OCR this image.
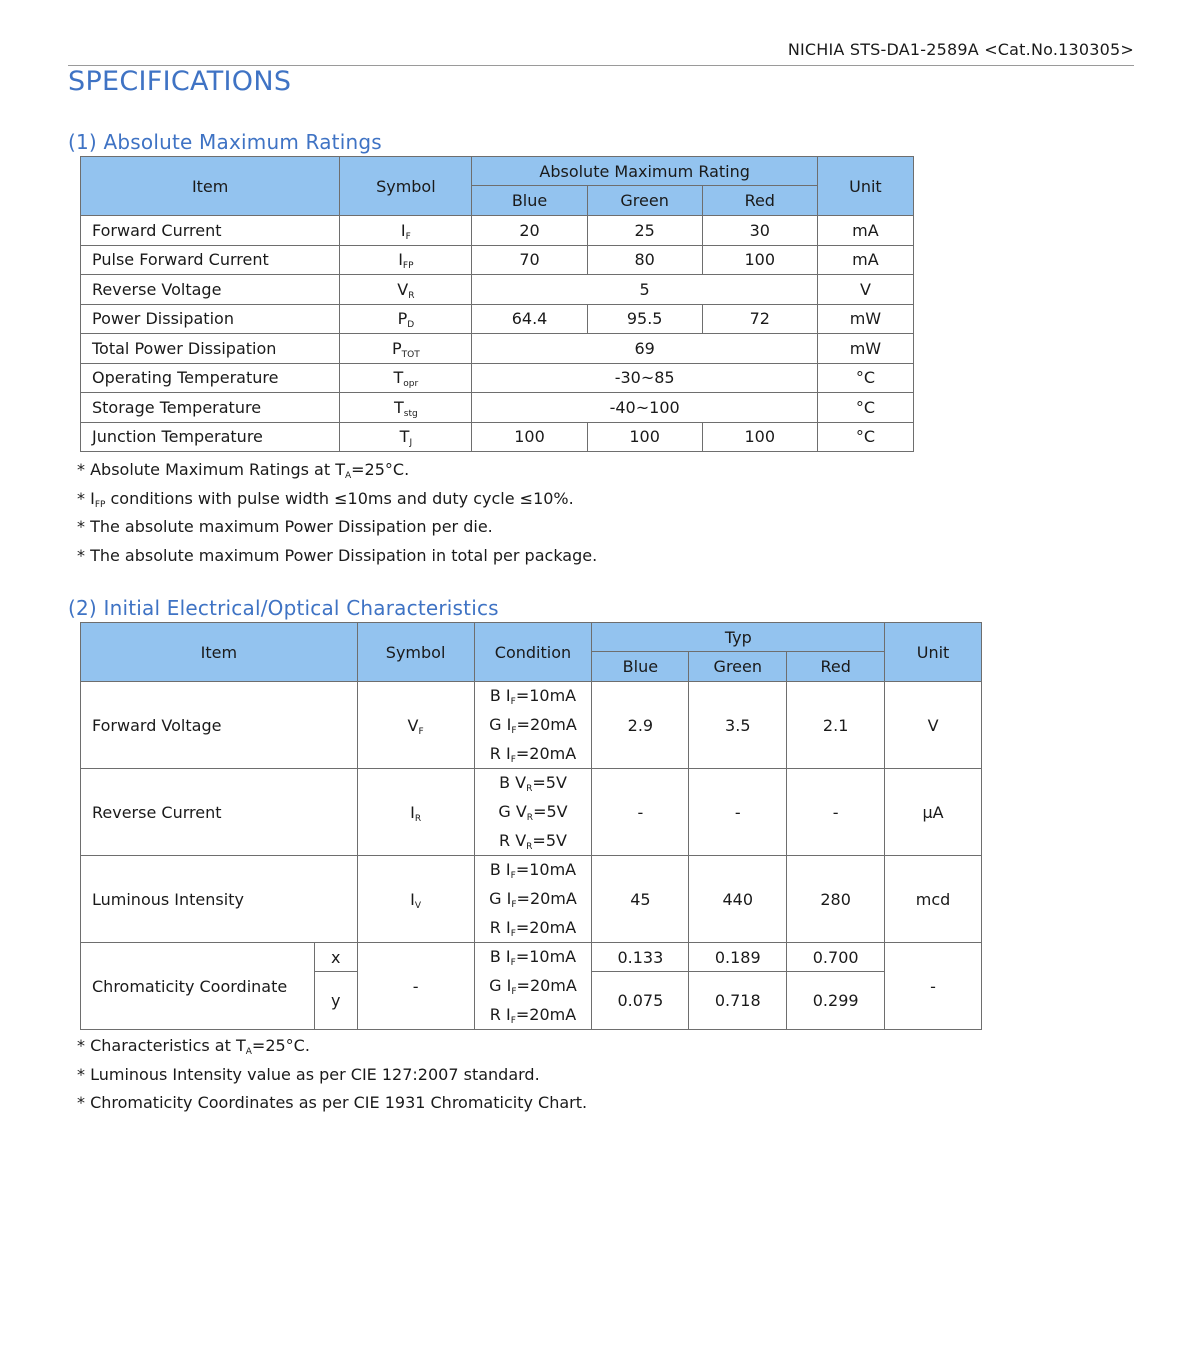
NICHIA STS-DA1-2589A <Cat.No.130305>
SPECIFICATIONS
(1) Absolute Maximum Ratings
Item	Symbol	Absolute Maximum Rating			Unit
		Blue	Green	Red	
Forward Current	$I_F$	20	25	30	mA
Pulse Forward Current	$I_{FP}$	70	80	100	mA
Reverse Voltage	$V_R$	5			V
Power Dissipation	$P_D$	64.4	95.5	72	mW
Total Power Dissipation	$P_{TOT}$	69			mW
Operating Temperature	$T_{opr}$	-30~85			°C
Storage Temperature	$T_{stg}$	-40~100			°C
Junction Temperature	$T_J$	100	100	100	°C
* Absolute Maximum Ratings at $T_A=25^\circ C$.
* $I_{FP}$ conditions with pulse width ≤10ms and duty cycle ≤10%.
* The absolute maximum Power Dissipation per die.
* The absolute maximum Power Dissipation in total per package.
(2) Initial Electrical/Optical Characteristics
Item		Symbol	Condition	Typ			Unit
				Blue	Green	Red	
Forward Voltage		$V_F$	B $I_F=10mA$
G $I_F=20mA$
R $I_F=20mA$	2.9	3.5	2.1	V
Reverse Current		$I_R$	B $V_R=5V$
G $V_R=5V$
R $V_R=5V$	-	-	-	μA
Luminous Intensity		$I_V$	B $I_F=10mA$
G $I_F=20mA$
R $I_F=20mA$	45	440	280	mcd
Chromaticity Coordinate	x	-	B $I_F=10mA$
G $I_F=20mA$
R $I_F=20mA$	0.133	0.189	0.700	-
	y			0.075	0.718	0.299	

* Characteristics at $T_A=25^\circ C$.
* Luminous Intensity value as per CIE 127:2007 standard.
* Chromaticity Coordinates as per CIE 1931 Chromaticity Chart.
